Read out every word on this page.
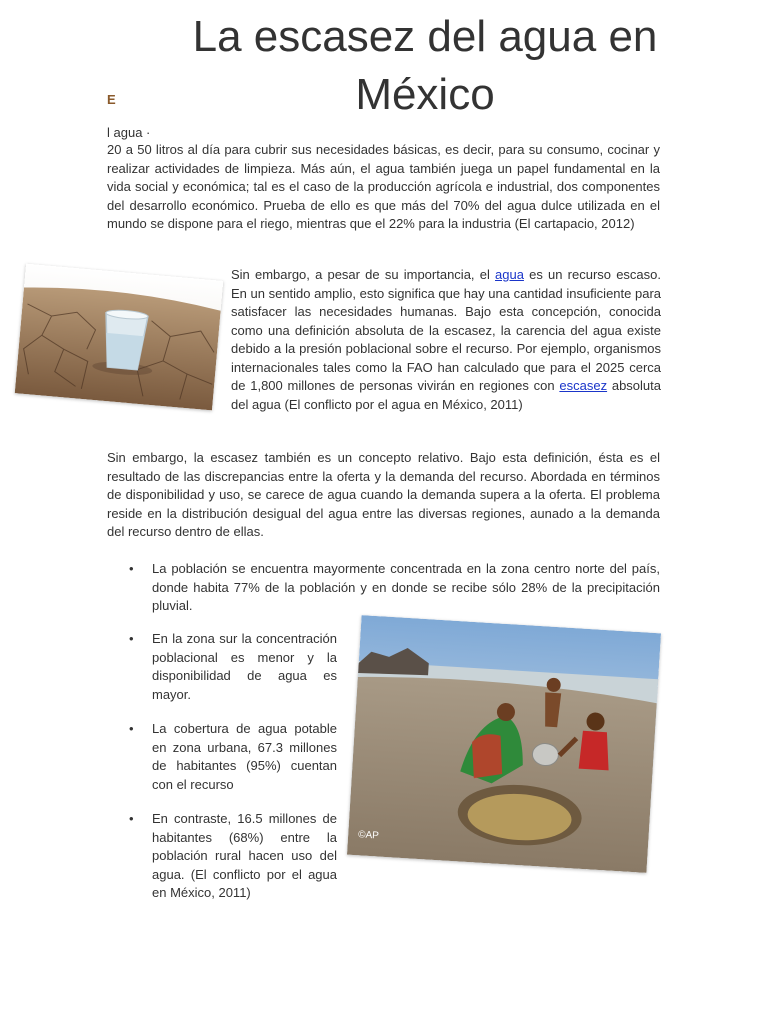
La escasez del agua en México
E
l agua ·

20 a 50 litros al día para cubrir sus necesidades básicas, es decir, para su consumo, cocinar y realizar actividades de limpieza. Más aún, el agua también juega un papel fundamental en la vida social y económica; tal es el caso de la producción agrícola e industrial, dos componentes del desarrollo económico. Prueba de ello es que más del 70% del agua dulce utilizada en el mundo se dispone para el riego, mientras que el 22% para la industria (El cartapacio, 2012)

Sin embargo, a pesar de su importancia, el agua es un recurso escaso. En un sentido amplio, esto significa que hay una cantidad insuficiente para satisfacer las necesidades humanas. Bajo esta concepción, conocida como una definición absoluta de la escasez, la carencia del agua existe debido a la presión poblacional sobre el recurso. Por ejemplo, organismos internacionales tales como la FAO han calculado que para el 2025 cerca de 1,800 millones de personas vivirán en regiones con escasez absoluta del agua (El conflicto por el agua en México, 2011)

Sin embargo, la escasez también es un concepto relativo. Bajo esta definición, ésta es el resultado de las discrepancias entre la oferta y la demanda del recurso. Abordada en términos de disponibilidad y uso, se carece de agua cuando la demanda supera a la oferta. El problema reside en la distribución desigual del agua entre las diversas regiones, aunado a la demanda del recurso dentro de ellas.

• La población se encuentra mayormente concentrada en la zona centro norte del país, donde habita 77% de la población y en donde se recibe sólo 28% de la precipitación pluvial.
• En la zona sur la concentración poblacional es menor y la disponibilidad de agua es mayor.
• La cobertura de agua potable en zona urbana, 67.3 millones de habitantes (95%) cuentan con el recurso
• En contraste, 16.5 millones de habitantes (68%) entre la población rural hacen uso del agua. (El conflicto por el agua en México, 2011)
©AP
